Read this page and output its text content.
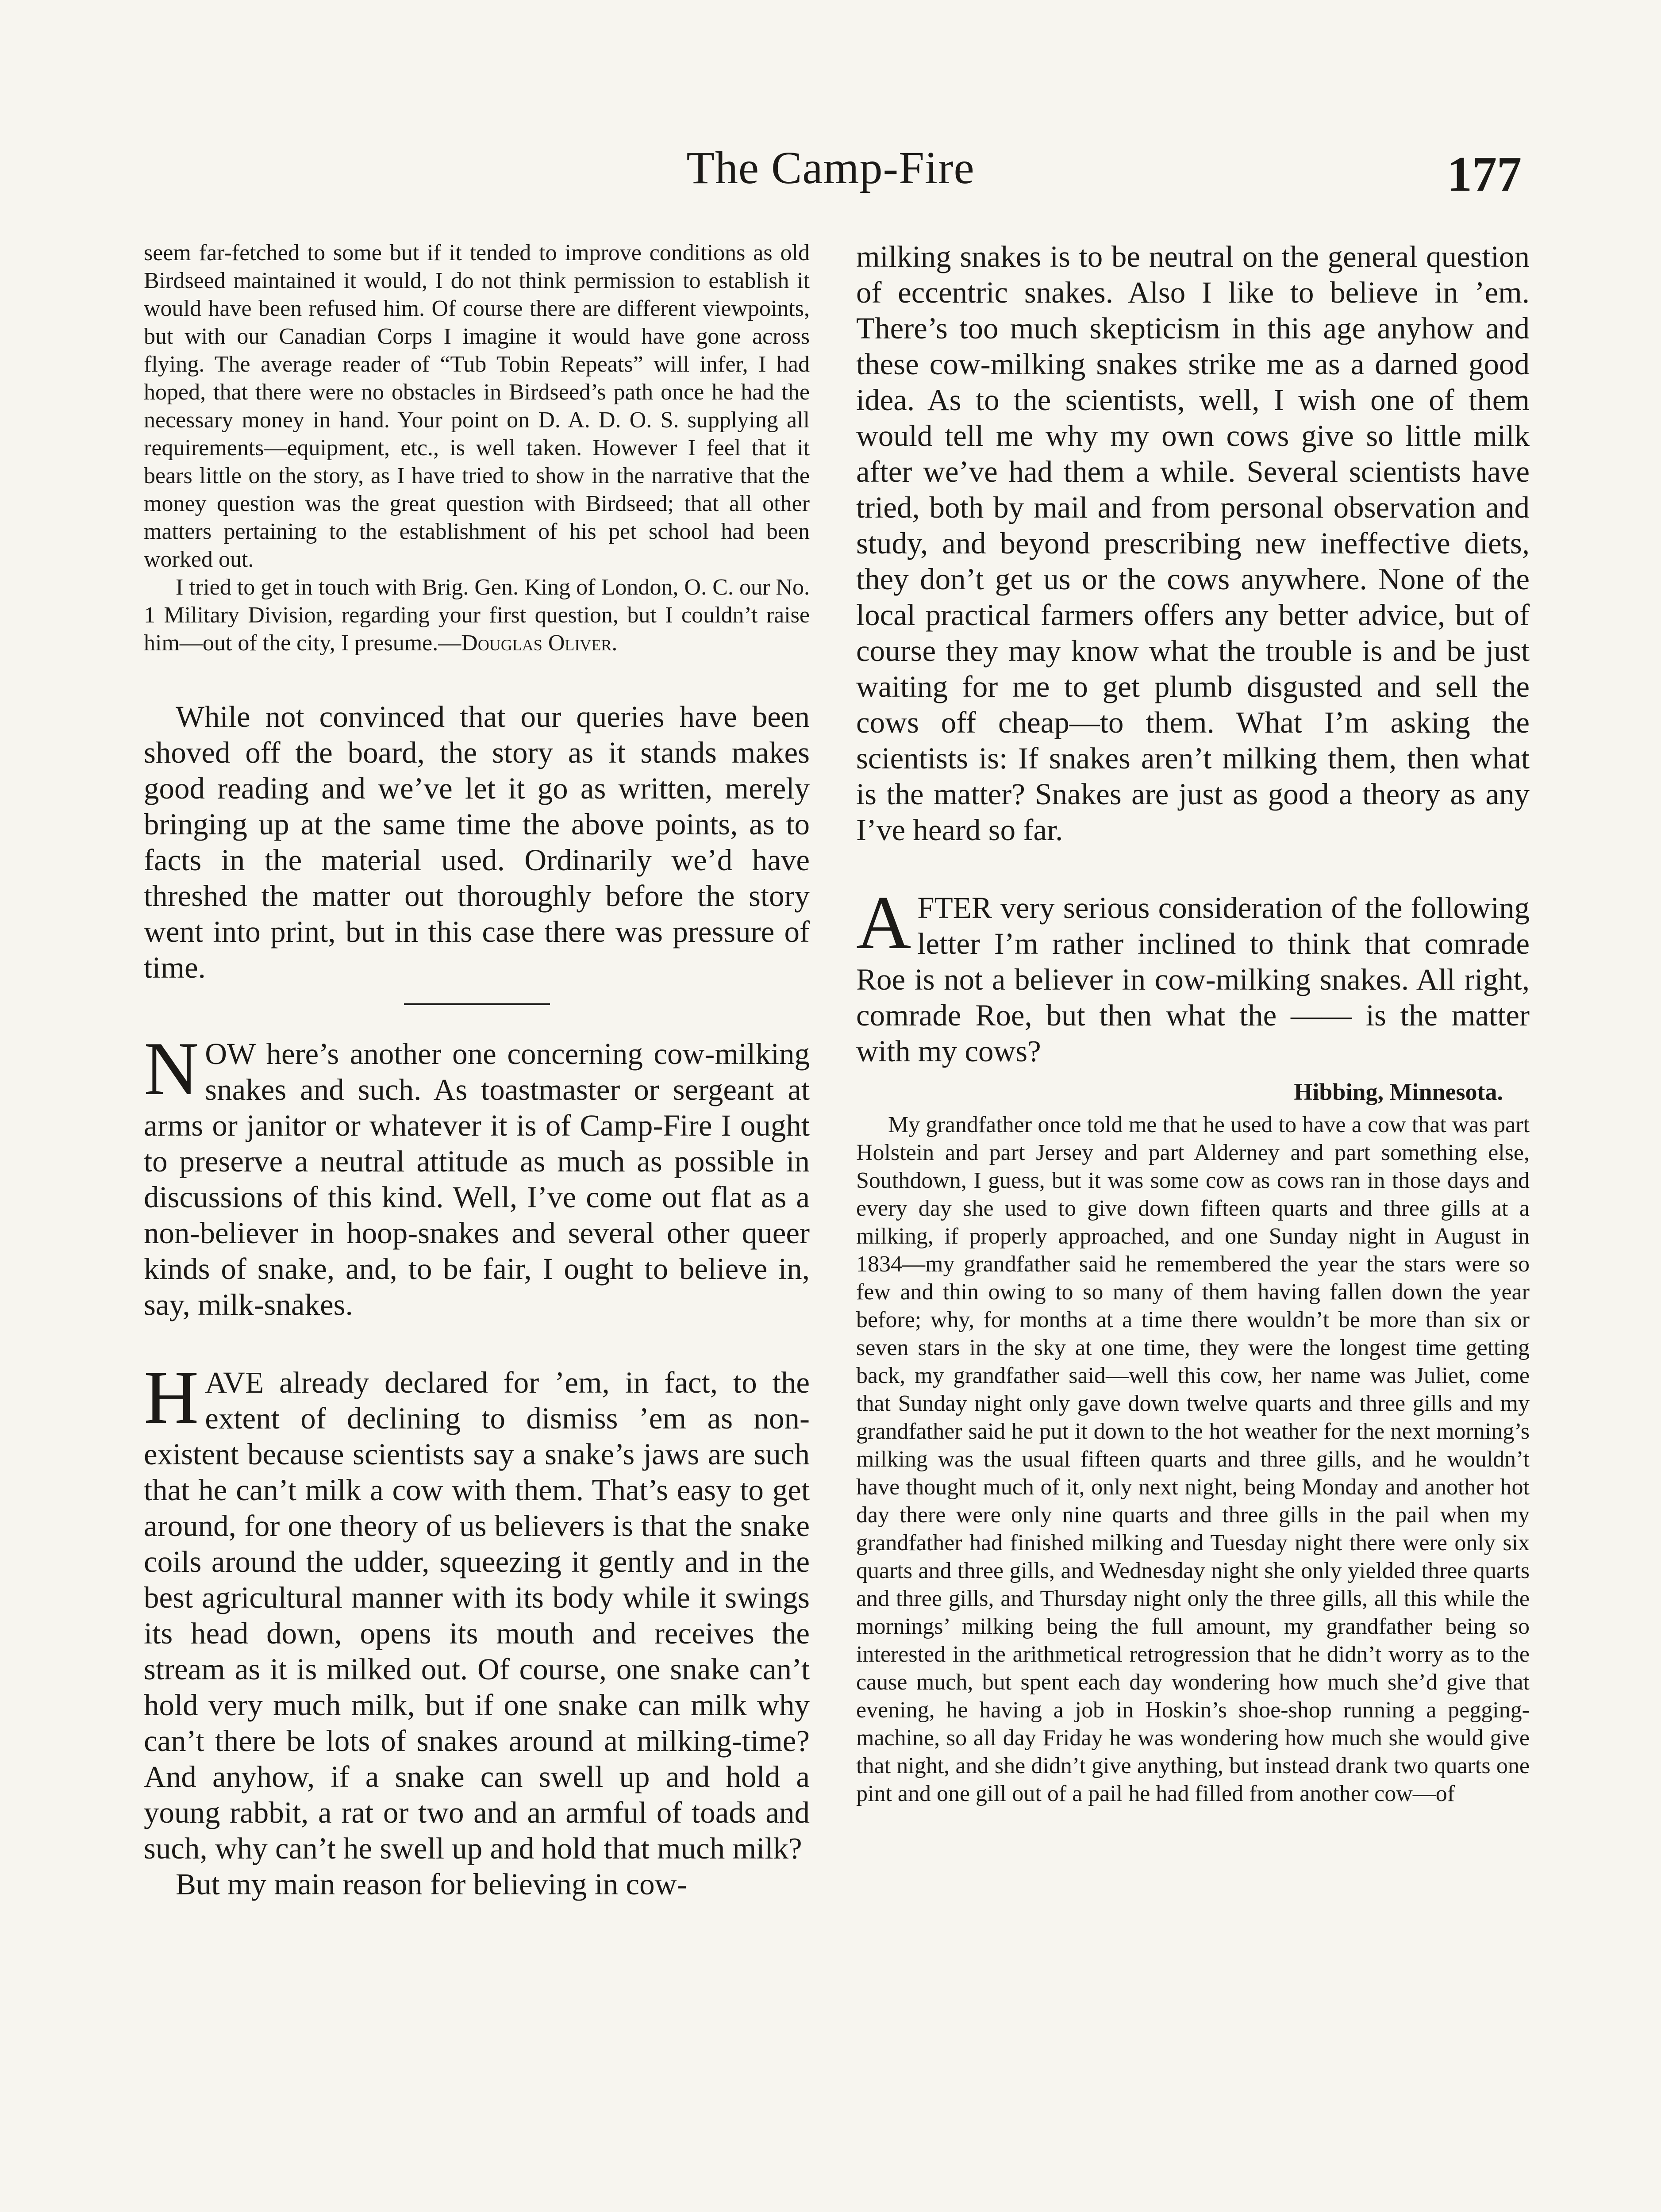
The Camp-Fire	177

seem far-fetched to some but if it tended to improve conditions as old Birdseed maintained it would, I do not think permission to establish it would have been refused him. Of course there are different viewpoints, but with our Canadian Corps I imagine it would have gone across flying. The average reader of “Tub Tobin Repeats” will infer, I had hoped, that there were no obstacles in Birdseed’s path once he had the necessary money in hand. Your point on D. A. D. O. S. supplying all requirements—equipment, etc., is well taken. However I feel that it bears little on the story, as I have tried to show in the narrative that the money question was the great question with Birdseed; that all other matters pertaining to the establishment of his pet school had been worked out.

I tried to get in touch with Brig. Gen. King of London, O. C. our No. 1 Military Division, regarding your first question, but I couldn’t raise him—out of the city, I presume.—Douglas Oliver.

While not convinced that our queries have been shoved off the board, the story as it stands makes good reading and we’ve let it go as written, merely bringing up at the same time the above points, as to facts in the material used. Ordinarily we’d have threshed the matter out thoroughly before the story went into print, but in this case there was pressure of time.

NOW here’s another one concerning cow-milking snakes and such. As toastmaster or sergeant at arms or janitor or whatever it is of Camp-Fire I ought to preserve a neutral attitude as much as possible in discussions of this kind. Well, I’ve come out flat as a non-believer in hoop-snakes and several other queer kinds of snake, and, to be fair, I ought to believe in, say, milk-snakes.

HAVE already declared for ’em, in fact, to the extent of declining to dismiss ’em as non-existent because scientists say a snake’s jaws are such that he can’t milk a cow with them. That’s easy to get around, for one theory of us believers is that the snake coils around the udder, squeezing it gently and in the best agricultural manner with its body while it swings its head down, opens its mouth and receives the stream as it is milked out. Of course, one snake can’t hold very much milk, but if one snake can milk why can’t there be lots of snakes around at milking-time? And anyhow, if a snake can swell up and hold a young rabbit, a rat or two and an armful of toads and such, why can’t he swell up and hold that much milk?

But my main reason for believing in cow-

milking snakes is to be neutral on the general question of eccentric snakes. Also I like to believe in ’em. There’s too much skepticism in this age anyhow and these cow-milking snakes strike me as a darned good idea. As to the scientists, well, I wish one of them would tell me why my own cows give so little milk after we’ve had them a while. Several scientists have tried, both by mail and from personal observation and study, and beyond prescribing new ineffective diets, they don’t get us or the cows anywhere. None of the local practical farmers offers any better advice, but of course they may know what the trouble is and be just waiting for me to get plumb disgusted and sell the cows off cheap—to them. What I’m asking the scientists is: If snakes aren’t milking them, then what is the matter? Snakes are just as good a theory as any I’ve heard so far.

AFTER very serious consideration of the following letter I’m rather inclined to think that comrade Roe is not a believer in cow-milking snakes. All right, comrade Roe, but then what the —— is the matter with my cows?

Hibbing, Minnesota.

My grandfather once told me that he used to have a cow that was part Holstein and part Jersey and part Alderney and part something else, Southdown, I guess, but it was some cow as cows ran in those days and every day she used to give down fifteen quarts and three gills at a milking, if properly approached, and one Sunday night in August in 1834—my grandfather said he remembered the year the stars were so few and thin owing to so many of them having fallen down the year before; why, for months at a time there wouldn’t be more than six or seven stars in the sky at one time, they were the longest time getting back, my grandfather said—well this cow, her name was Juliet, come that Sunday night only gave down twelve quarts and three gills and my grandfather said he put it down to the hot weather for the next morning’s milking was the usual fifteen quarts and three gills, and he wouldn’t have thought much of it, only next night, being Monday and another hot day there were only nine quarts and three gills in the pail when my grandfather had finished milking and Tuesday night there were only six quarts and three gills, and Wednesday night she only yielded three quarts and three gills, and Thursday night only the three gills, all this while the mornings’ milking being the full amount, my grandfather being so interested in the arithmetical retrogression that he didn’t worry as to the cause much, but spent each day wondering how much she’d give that evening, he having a job in Hoskin’s shoe-shop running a pegging-machine, so all day Friday he was wondering how much she would give that night, and she didn’t give anything, but instead drank two quarts one pint and one gill out of a pail he had filled from another cow—of
